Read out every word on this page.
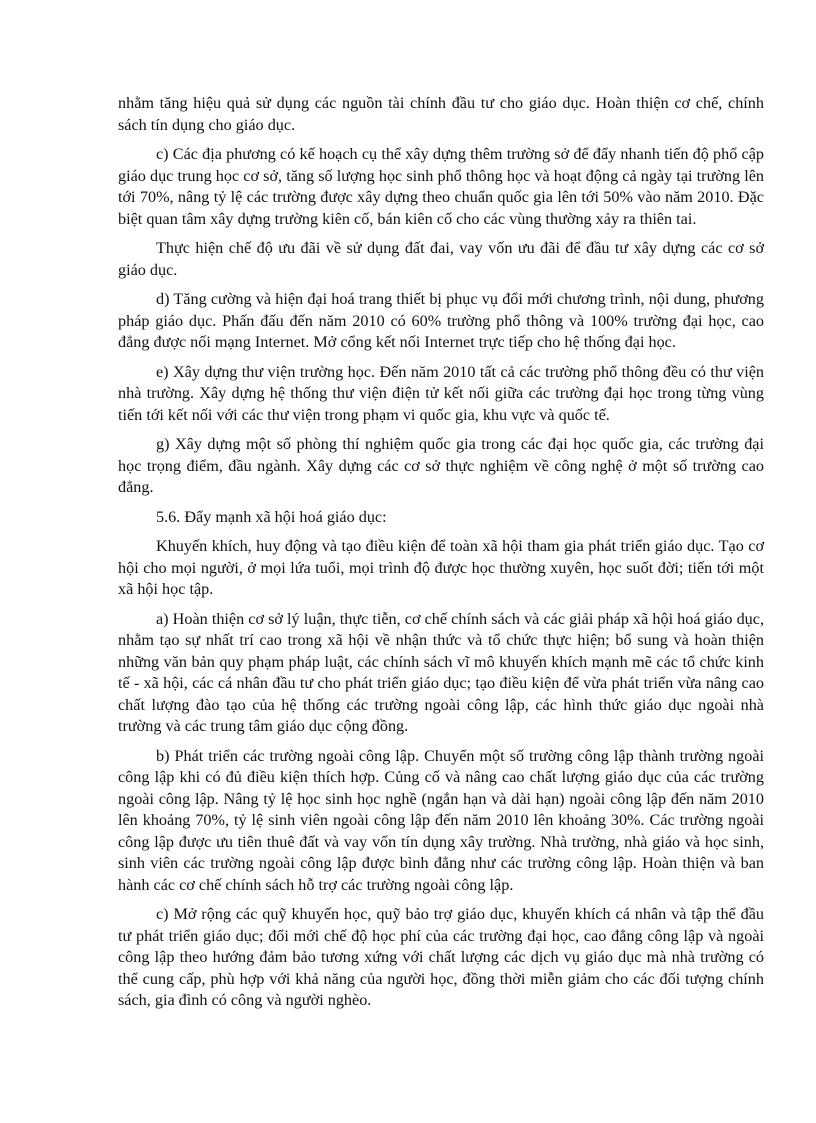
nhằm tăng hiệu quả sử dụng các nguồn tài chính đầu tư cho giáo dục. Hoàn thiện cơ chế, chính sách tín dụng cho giáo dục.

c) Các địa phương có kế hoạch cụ thể xây dựng thêm trường sở để đẩy nhanh tiến độ phổ cập giáo dục trung học cơ sở, tăng số lượng học sinh phổ thông học và hoạt động cả ngày tại trường lên tới 70%, nâng tỷ lệ các trường được xây dựng theo chuẩn quốc gia lên tới 50% vào năm 2010. Đặc biệt quan tâm xây dựng trường kiên cố, bán kiên cố cho các vùng thường xảy ra thiên tai.

Thực hiện chế độ ưu đãi về sử dụng đất đai, vay vốn ưu đãi để đầu tư xây dựng các cơ sở giáo dục.

d) Tăng cường và hiện đại hoá trang thiết bị phục vụ đổi mới chương trình, nội dung, phương pháp giáo dục. Phấn đấu đến năm 2010 có 60% trường phổ thông và 100% trường đại học, cao đẳng được nối mạng Internet. Mở cổng kết nối Internet trực tiếp cho hệ thống đại học.

e) Xây dựng thư viện trường học. Đến năm 2010 tất cả các trường phổ thông đều có thư viện nhà trường. Xây dựng hệ thống thư viện điện tử kết nối giữa các trường đại học trong từng vùng tiến tới kết nối với các thư viện trong phạm vi quốc gia, khu vực và quốc tế.

g) Xây dựng một số phòng thí nghiệm quốc gia trong các đại học quốc gia, các trường đại học trọng điểm, đầu ngành. Xây dựng các cơ sở thực nghiệm về công nghệ ở một số trường cao đẳng.

5.6. Đẩy mạnh xã hội hoá giáo dục:

Khuyến khích, huy động và tạo điều kiện để toàn xã hội tham gia phát triển giáo dục. Tạo cơ hội cho mọi người, ở mọi lứa tuổi, mọi trình độ được học thường xuyên, học suốt đời; tiến tới một xã hội học tập.

a) Hoàn thiện cơ sở lý luận, thực tiễn, cơ chế chính sách và các giải pháp xã hội hoá giáo dục, nhằm tạo sự nhất trí cao trong xã hội về nhận thức và tổ chức thực hiện; bổ sung và hoàn thiện những văn bản quy phạm pháp luật, các chính sách vĩ mô khuyến khích mạnh mẽ các tổ chức kinh tế - xã hội, các cá nhân đầu tư cho phát triển giáo dục; tạo điều kiện để vừa phát triển vừa nâng cao chất lượng đào tạo của hệ thống các trường ngoài công lập, các hình thức giáo dục ngoài nhà trường và các trung tâm giáo dục cộng đồng.

b) Phát triển các trường ngoài công lập. Chuyển một số trường công lập thành trường ngoài công lập khi có đủ điều kiện thích hợp. Củng cố và nâng cao chất lượng giáo dục của các trường ngoài công lập. Nâng tỷ lệ học sinh học nghề (ngắn hạn và dài hạn) ngoài công lập đến năm 2010 lên khoảng 70%, tỷ lệ sinh viên ngoài công lập đến năm 2010 lên khoảng 30%. Các trường ngoài công lập được ưu tiên thuê đất và vay vốn tín dụng xây trường. Nhà trường, nhà giáo và học sinh, sinh viên các trường ngoài công lập được bình đẳng như các trường công lập. Hoàn thiện và ban hành các cơ chế chính sách hỗ trợ các trường ngoài công lập.

c) Mở rộng các quỹ khuyến học, quỹ bảo trợ giáo dục, khuyến khích cá nhân và tập thể đầu tư phát triển giáo dục; đổi mới chế độ học phí của các trường đại học, cao đẳng công lập và ngoài công lập theo hướng đảm bảo tương xứng với chất lượng các dịch vụ giáo dục mà nhà trường có thể cung cấp, phù hợp với khả năng của người học, đồng thời miễn giảm cho các đối tượng chính sách, gia đình có công và người nghèo.
